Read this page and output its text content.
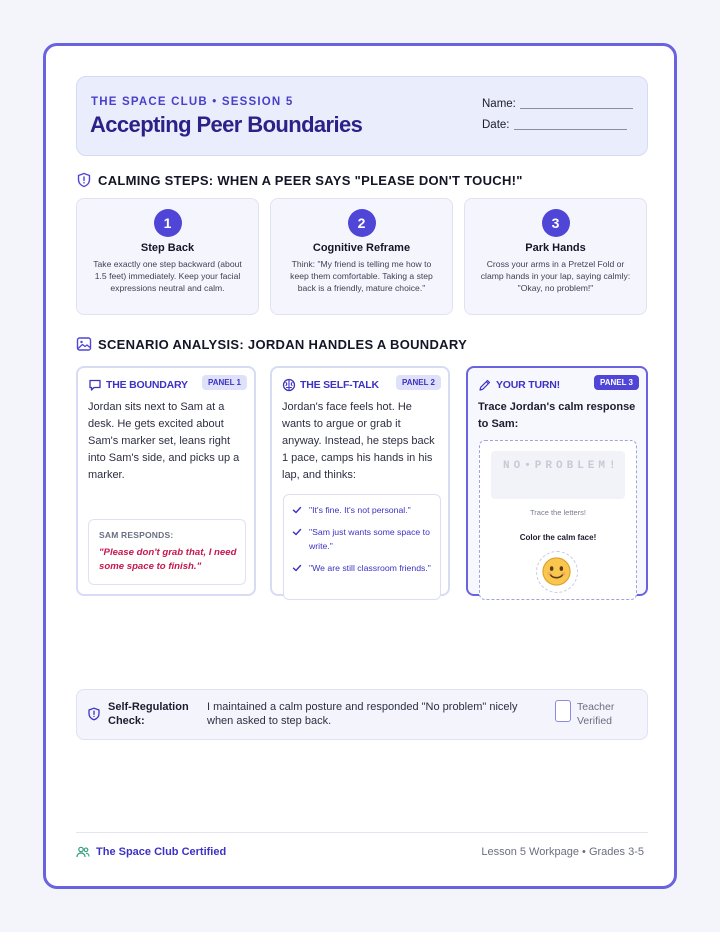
THE SPACE CLUB • SESSION 5
Accepting Peer Boundaries
Name:
Date:
CALMING STEPS: WHEN A PEER SAYS "PLEASE DON'T TOUCH!"
1
Step Back
Take exactly one step backward (about 1.5 feet) immediately. Keep your facial expressions neutral and calm.
2
Cognitive Reframe
Think: "My friend is telling me how to keep them comfortable. Taking a step back is a friendly, mature choice."
3
Park Hands
Cross your arms in a Pretzel Fold or clamp hands in your lap, saying calmly: "Okay, no problem!"
SCENARIO ANALYSIS: JORDAN HANDLES A BOUNDARY
THE BOUNDARY	PANEL 1
Jordan sits next to Sam at a desk. He gets excited about Sam's marker set, leans right into Sam's side, and picks up a marker.
SAM RESPONDS:
"Please don't grab that, I need some space to finish."
THE SELF-TALK	PANEL 2
Jordan's face feels hot. He wants to argue or grab it anyway. Instead, he steps back 1 pace, camps his hands in his lap, and thinks:
"It's fine. It's not personal."
"Sam just wants some space to write."
"We are still classroom friends."
YOUR TURN!	PANEL 3
Trace Jordan's calm response to Sam:
NO•PROBLEM!
Trace the letters!
Color the calm face!
Self-Regulation Check:
I maintained a calm posture and responded "No problem" nicely when asked to step back.
Teacher Verified
The Space Club Certified	Lesson 5 Workpage • Grades 3-5
